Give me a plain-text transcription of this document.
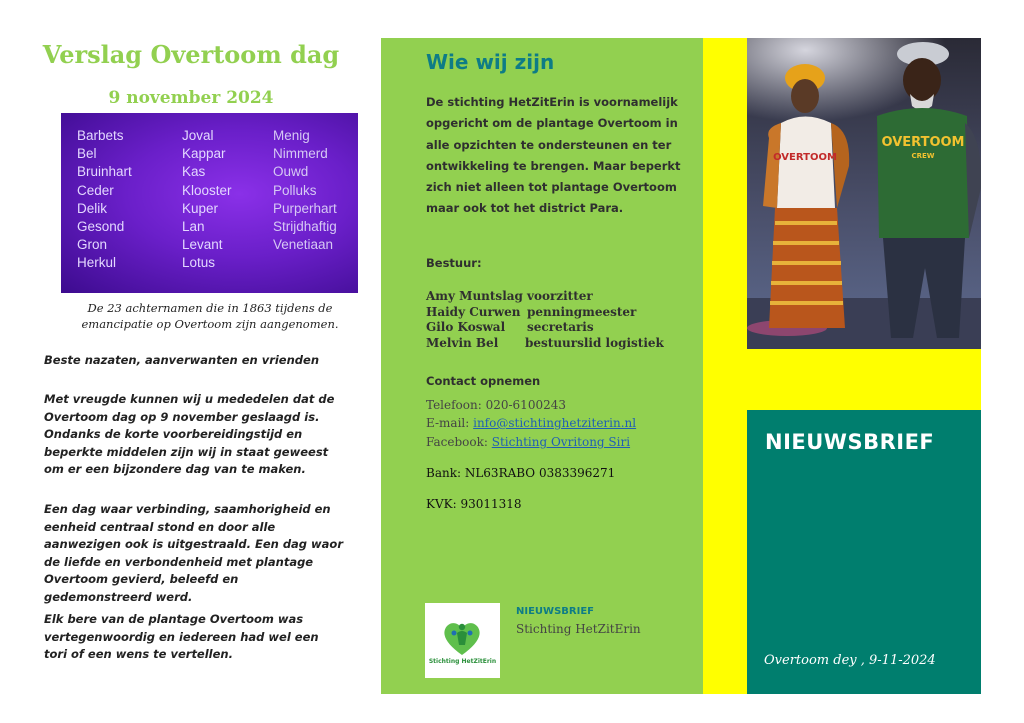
Verslag Overtoom dag
9 november 2024
Barbets
Bel
Bruinhart
Ceder
Delik
Gesond
Gron
Herkul
Joval
Kappar
Kas
Klooster
Kuper
Lan
Levant
Lotus
Menig
Nimmerd
Ouwd
Polluks
Purperhart
Strijdhaftig
Venetiaan
De 23 achternamen die in 1863 tijdens de
emancipatie op Overtoom zijn aangenomen.

Beste nazaten, aanverwanten en vrienden

Met vreugde kunnen wij u mededelen dat de Overtoom dag op 9 november geslaagd is. Ondanks de korte voorbereidingstijd en beperkte middelen zijn wij in staat geweest om er een bijzondere dag van te maken.

Een dag waar verbinding, saamhorigheid en eenheid centraal stond en door alle aanwezigen ook is uitgestraald. Een dag waor de liefde en verbondenheid met plantage Overtoom gevierd, beleefd en gedemonstreerd werd.

Elk bere van de plantage Overtoom was vertegenwoordig en iedereen had wel een tori of een wens te vertellen.

Wie wij zijn

De stichting HetZitErin is voornamelijk opgericht om de plantage Overtoom in alle opzichten te ondersteunen en ter ontwikkeling te brengen. Maar beperkt zich niet alleen tot plantage Overtoom maar ook tot het district Para.

Bestuur:

Amy Muntslag voorzitter
Haidy Curwen penningmeester
Gilo Koswal secretaris
Melvin Bel bestuurslid logistiek

Contact opnemen

Telefoon: 020-6100243
E-mail: info@stichtinghetziterin.nl
Facebook: Stichting Ovritong Siri
Bank: NL63RABO 0383396271
KVK: 93011318
Stichting HetZitErin
NIEUWSBRIEF
Stichting HetZitErin
OVERTOOM
OVERTOOM
CREW
NIEUWSBRIEF
Overtoom dey , 9-11-2024
